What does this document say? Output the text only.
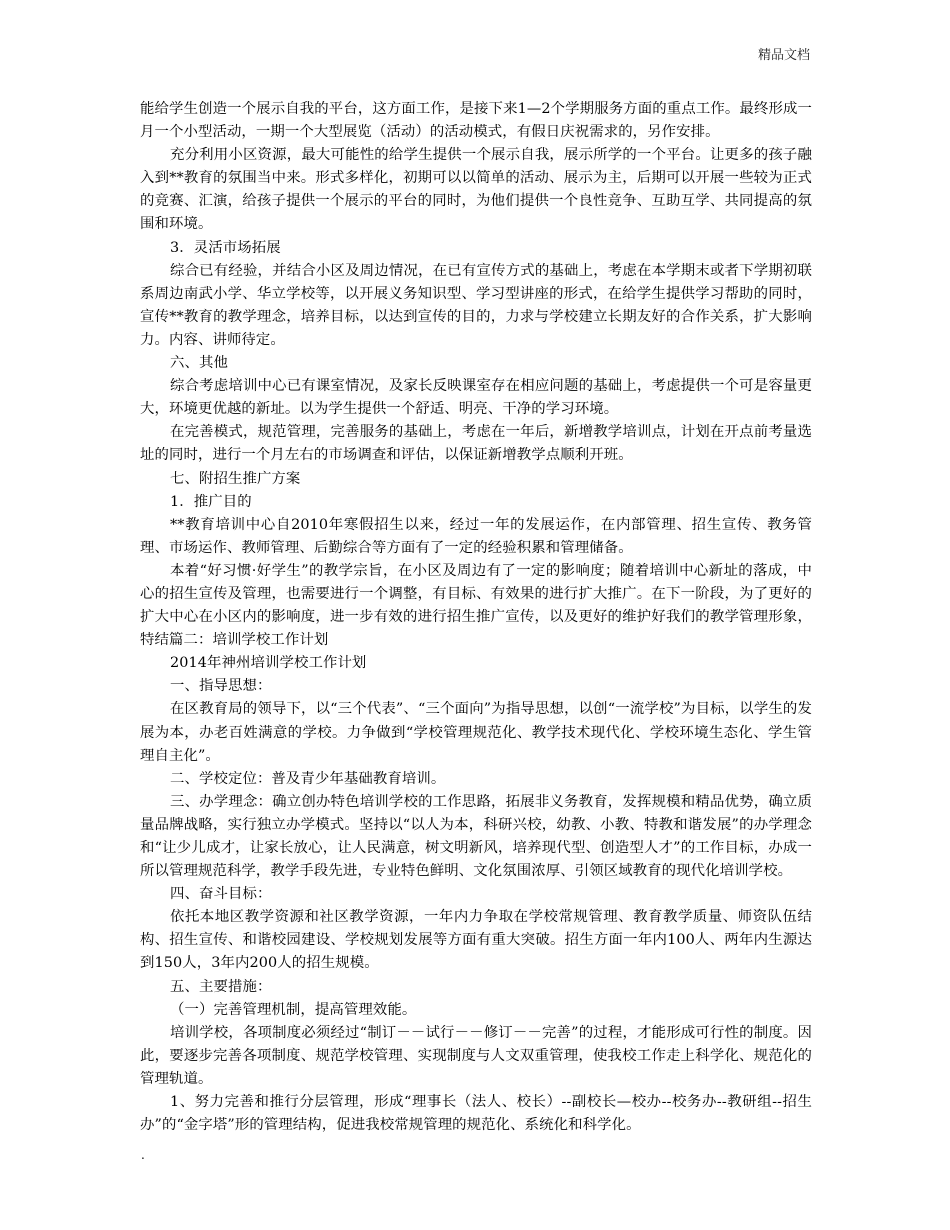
精品文档

能给学生创造一个展示自我的平台，这方面工作，是接下来1—2个学期服务方面的重点工作。最终形成一月一个小型活动，一期一个大型展览（活动）的活动模式，有假日庆祝需求的，另作安排。

充分利用小区资源，最大可能性的给学生提供一个展示自我，展示所学的一个平台。让更多的孩子融入到**教育的氛围当中来。形式多样化，初期可以以简单的活动、展示为主，后期可以开展一些较为正式的竞赛、汇演，给孩子提供一个展示的平台的同时，为他们提供一个良性竞争、互助互学、共同提高的氛围和环境。

3．灵活市场拓展

综合已有经验，并结合小区及周边情况，在已有宣传方式的基础上，考虑在本学期末或者下学期初联系周边南武小学、华立学校等，以开展义务知识型、学习型讲座的形式，在给学生提供学习帮助的同时，宣传**教育的教学理念，培养目标，以达到宣传的目的，力求与学校建立长期友好的合作关系，扩大影响力。内容、讲师待定。

六、其他

综合考虑培训中心已有课室情况，及家长反映课室存在相应问题的基础上，考虑提供一个可是容量更大，环境更优越的新址。以为学生提供一个舒适、明亮、干净的学习环境。

在完善模式，规范管理，完善服务的基础上，考虑在一年后，新增教学培训点，计划在开点前考量选址的同时，进行一个月左右的市场调查和评估，以保证新增教学点顺利开班。

七、附招生推广方案

1．推广目的

**教育培训中心自2010年寒假招生以来，经过一年的发展运作，在内部管理、招生宣传、教务管理、市场运作、教师管理、后勤综合等方面有了一定的经验积累和管理储备。

本着“好习惯·好学生”的教学宗旨，在小区及周边有了一定的影响度；随着培训中心新址的落成，中心的招生宣传及管理，也需要进行一个调整，有目标、有效果的进行扩大推广。在下一阶段，为了更好的扩大中心在小区内的影响度，进一步有效的进行招生推广宣传，以及更好的维护好我们的教学管理形象，特结篇二：培训学校工作计划

2014年神州培训学校工作计划

一、指导思想：

在区教育局的领导下，以“三个代表”、“三个面向”为指导思想，以创“一流学校”为目标，以学生的发展为本，办老百姓满意的学校。力争做到“学校管理规范化、教学技术现代化、学校环境生态化、学生管理自主化”。

二、学校定位：普及青少年基础教育培训。

三、办学理念：确立创办特色培训学校的工作思路，拓展非义务教育，发挥规模和精品优势，确立质量品牌战略，实行独立办学模式。坚持以“以人为本，科研兴校，幼教、小教、特教和谐发展”的办学理念和“让少儿成才，让家长放心，让人民满意，树文明新风，培养现代型、创造型人才”的工作目标，办成一所以管理规范科学，教学手段先进，专业特色鲜明、文化氛围浓厚、引领区域教育的现代化培训学校。

四、奋斗目标：

依托本地区教学资源和社区教学资源，一年内力争取在学校常规管理、教育教学质量、师资队伍结构、招生宣传、和谐校园建设、学校规划发展等方面有重大突破。招生方面一年内100人、两年内生源达到150人，3年内200人的招生规模。

五、主要措施：

（一）完善管理机制，提高管理效能。

培训学校，各项制度必须经过“制订－－试行－－修订－－完善”的过程，才能形成可行性的制度。因此，要逐步完善各项制度、规范学校管理、实现制度与人文双重管理，使我校工作走上科学化、规范化的管理轨道。

1、努力完善和推行分层管理，形成“理事长（法人、校长）--副校长—校办--校务办--教研组--招生办”的“金字塔”形的管理结构，促进我校常规管理的规范化、系统化和科学化。

.
